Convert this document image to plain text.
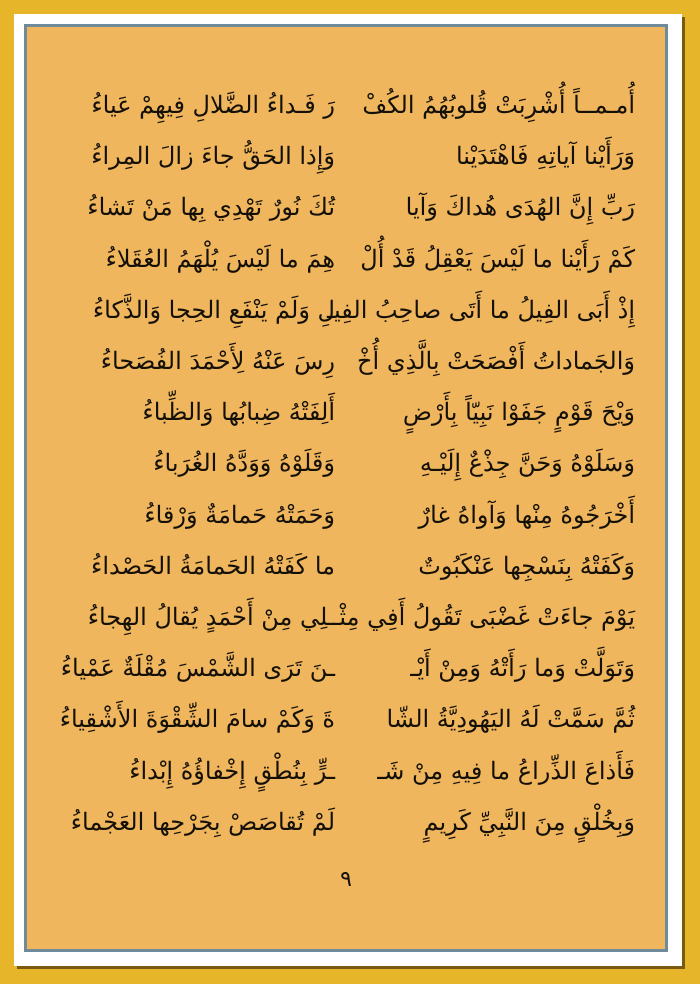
أُمـمــاً أُشْرِبَتْ قُلوبُهُمُ الكُفْ
رَ فَـداءُ الضَّلالِ فِيهِمْ عَياءُ
وَرَأَيْنا آياتِهِ فَاهْتَدَيْنا
وَإِذا الحَقُّ جاءَ زالَ المِراءُ
رَبِّ إِنَّ الهُدَى هُداكَ وَآيا
تُكَ نُورٌ تَهْدِي بِها مَنْ تَشاءُ
كَمْ رَأَيْنا ما لَيْسَ يَعْقِلُ قَدْ أُلْ
هِمَ ما لَيْسَ يُلْهَمُ العُقَلاءُ
إِذْ أَبَى الفِيلُ ما أَتَى صاحِبُ الفِيـ
لِ وَلَمْ يَنْفَعِ الحِجا وَالذَّكاءُ
وَالجَماداتُ أَفْصَحَتْ بِالَّذِي أُخْ
رِسَ عَنْهُ لِأَحْمَدَ الفُصَحاءُ
وَيْحَ قَوْمٍ جَفَوْا نَبِيّاً بِأَرْضٍ
أَلِفَتْهُ ضِبابُها وَالظِّباءُ
وَسَلَوْهُ وَحَنَّ جِذْعٌ إِلَيْـهِ
وَقَلَوْهُ وَوَدَّهُ الغُرَباءُ
أَخْرَجُوهُ مِنْها وَآواهُ غارٌ
وَحَمَتْهُ حَمامَةٌ وَرْقاءُ
وَكَفَتْهُ بِنَسْجِها عَنْكَبُوتٌ
ما كَفَتْهُ الحَمامَةُ الحَصْداءُ
يَوْمَ جاءَتْ غَضْبَى تَقُولُ أَفِي مِثْـ
ـلِي مِنْ أَحْمَدٍ يُقالُ الهِجاءُ
وَتَوَلَّتْ وَما رَأَتْهُ وَمِنْ أَيْـ
ـنَ تَرَى الشَّمْسَ مُقْلَةٌ عَمْياءُ
ثُمَّ سَمَّتْ لَهُ اليَهُودِيَّةُ الشّا
ةَ وَكَمْ سامَ الشِّقْوَةَ الأَشْقِياءُ
فَأَذاعَ الذِّراعُ ما فِيهِ مِنْ شَـ
ـرٍّ بِنُطْقٍ إِخْفاؤُهُ إِبْداءُ
وَبِخُلْقٍ مِنَ النَّبِيِّ كَرِيمٍ
لَمْ تُقاصَصْ بِجَرْحِها العَجْماءُ
٩
